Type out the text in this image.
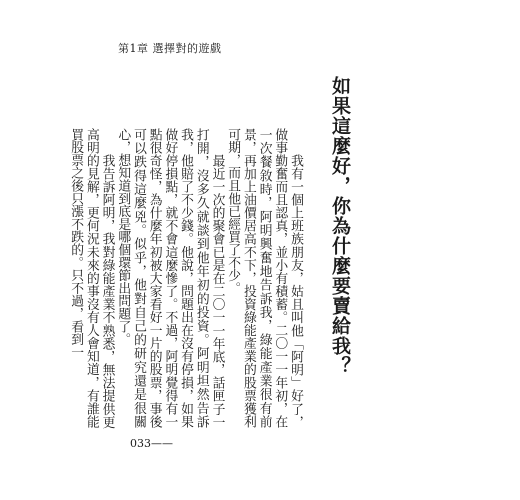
第1章 選擇對的遊戲
如果這麼好，你為什麼要賣給我？

我有一個上班族朋友，姑且叫他「阿明」好了，做事勤奮而且認真，並小有積蓄。二〇一一年初，在一次餐敘時，阿明興奮地告訴我，綠能產業很有前景，再加上油價居高不下，投資綠能產業的股票獲利可期，而且他已經買了不少。

最近一次的聚會已是在二〇一一年底，話匣子一打開，沒多久就談到他年初的投資。阿明坦然告訴我，他賠了不少錢。他說，問題出在沒有停損，如果做好停損點，就不會這麼慘了。不過，阿明覺得有一點很奇怪，為什麼年初被大家看好一片的股票，事後可以跌得這麼兇。似乎，他對自己的研究還是很關心，想知道到底是哪個環節出問題了。

我告訴阿明，我對綠能產業不熟悉，無法提供更高明的見解，更何況未來的事沒有人會知道，有誰能買股票之後只漲不跌的。只不過，看到一

033——
